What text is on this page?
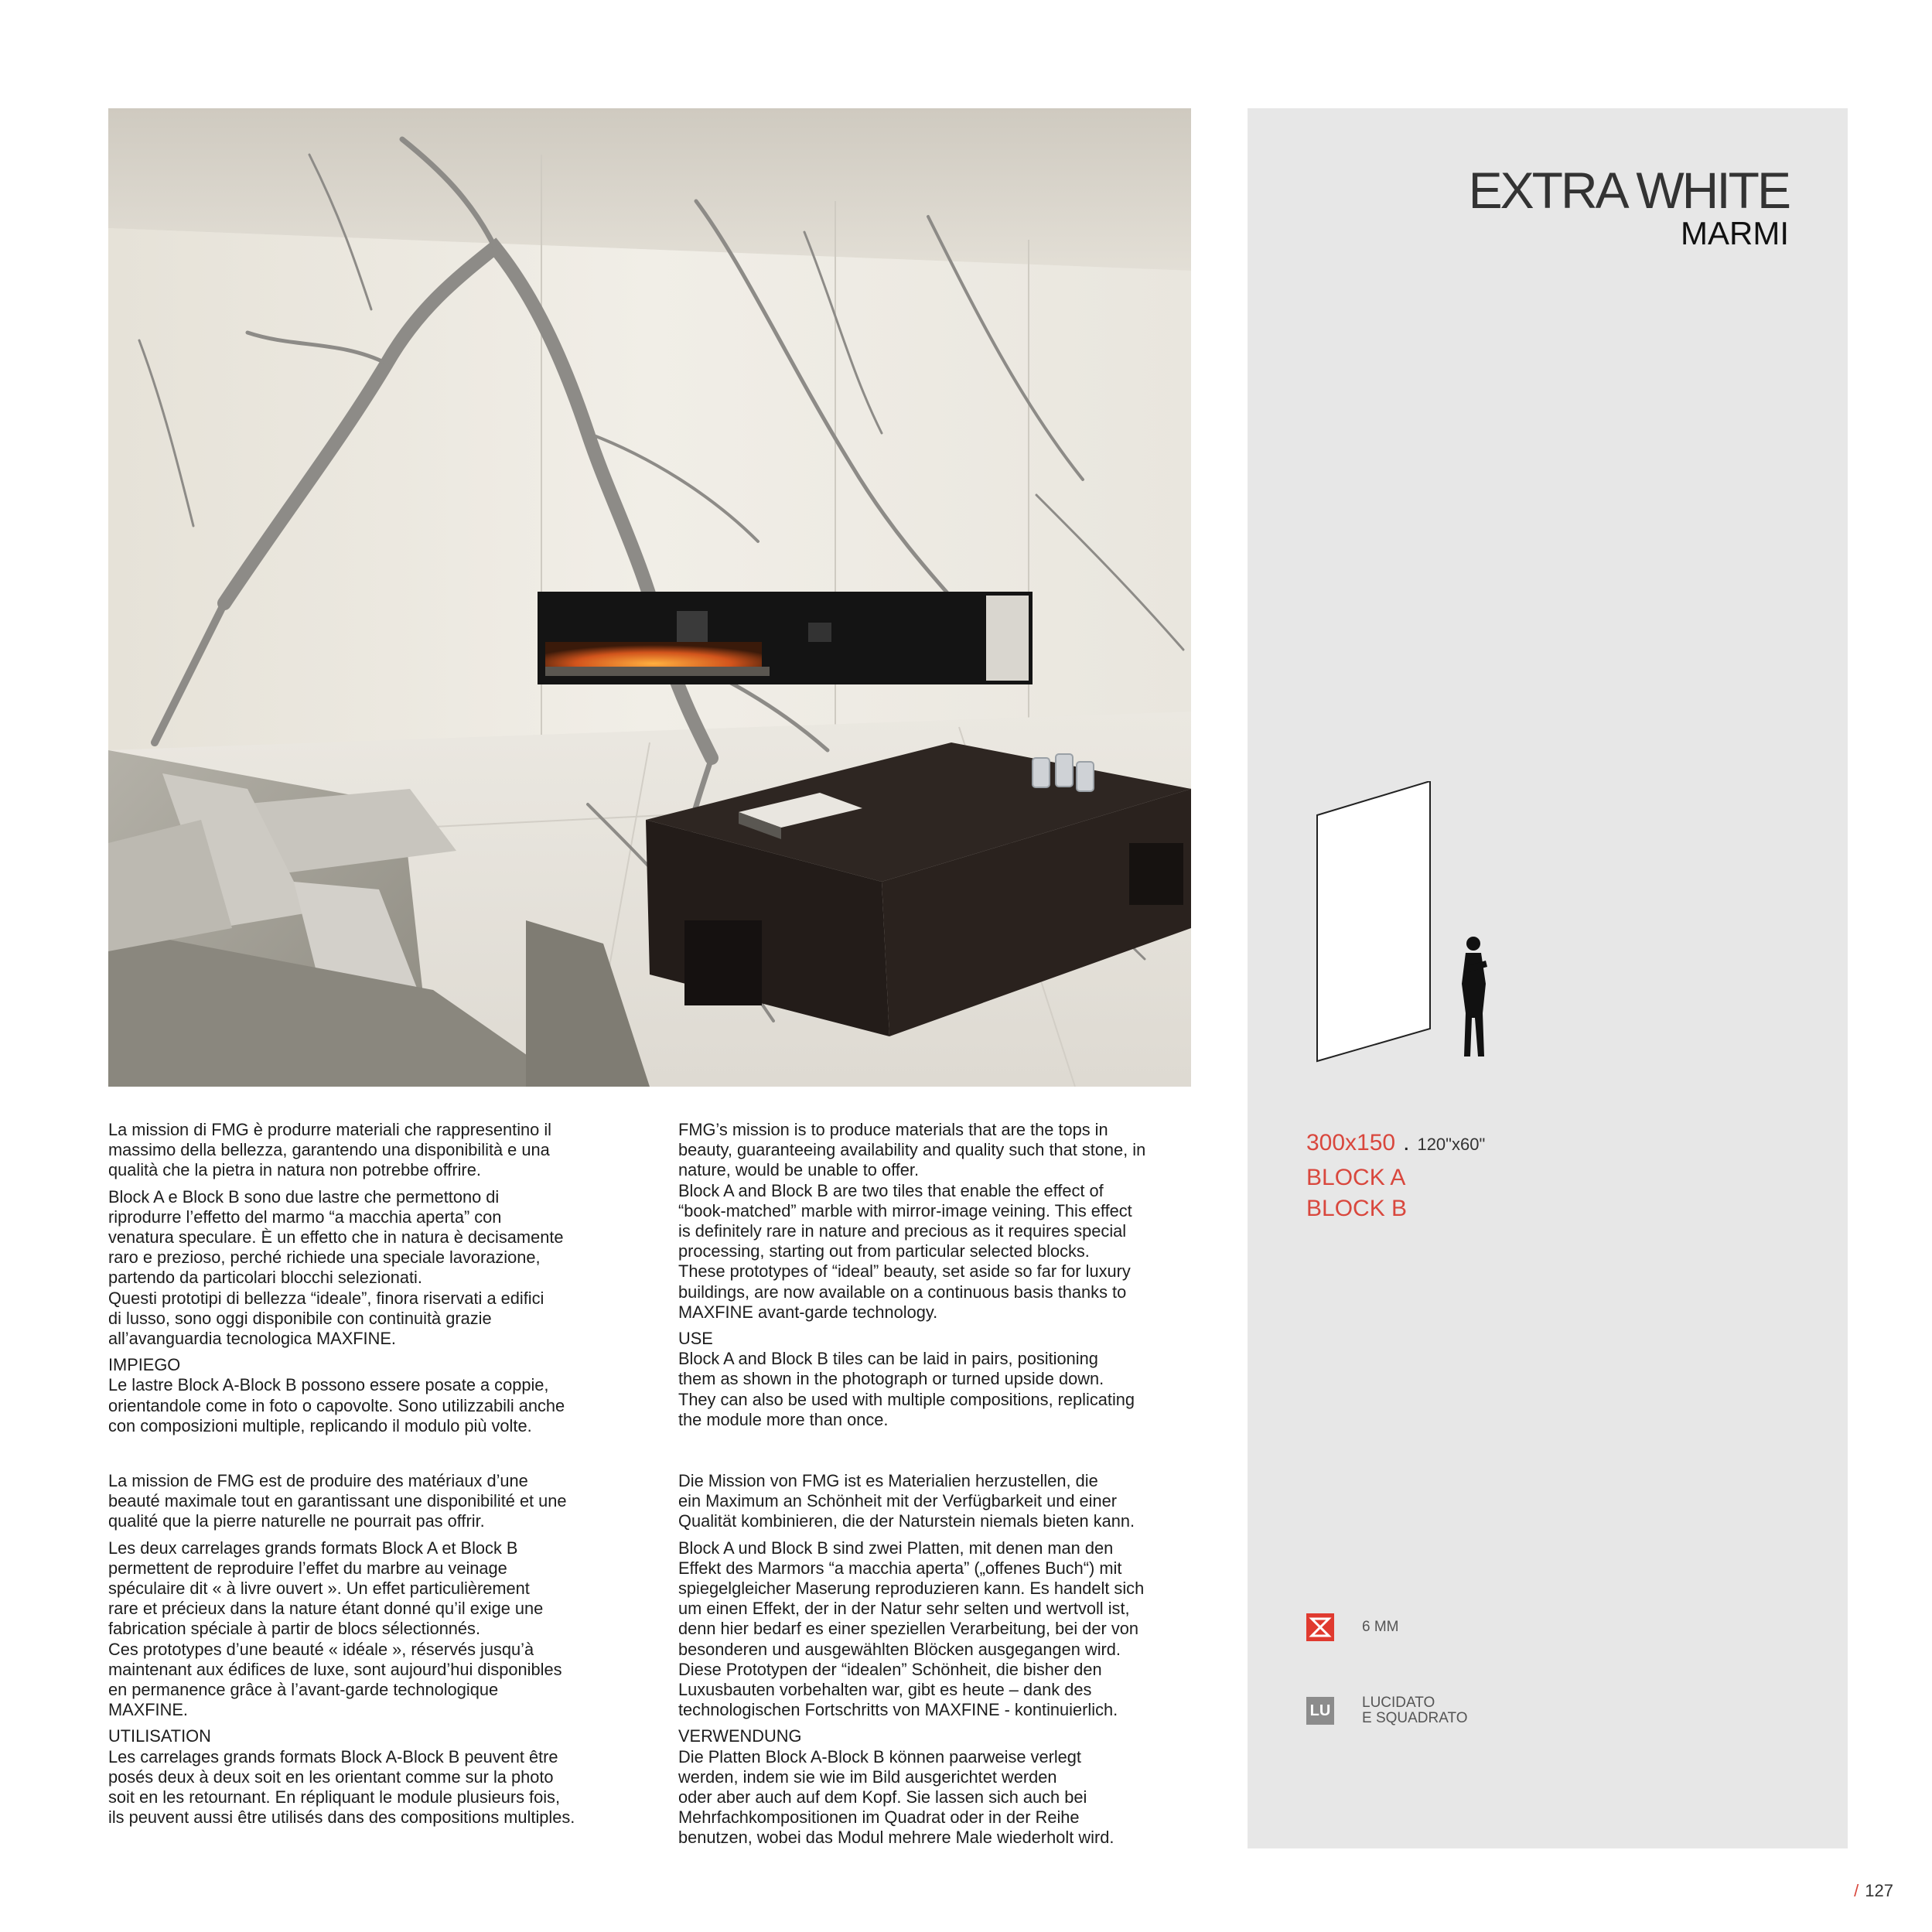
EXTRA WHITE
MARMI
300x150 . 120"x60"
BLOCK A
BLOCK B
6 MM
LU LUCIDATO
E SQUADRATO

La mission di FMG è produrre materiali che rappresentino il
massimo della bellezza, garantendo una disponibilità e una
qualità che la pietra in natura non potrebbe offrire.

Block A e Block B sono due lastre che permettono di
riprodurre l’effetto del marmo “a macchia aperta” con
venatura speculare. È un effetto che in natura è decisamente
raro e prezioso, perché richiede una speciale lavorazione,
partendo da particolari blocchi selezionati.
Questi prototipi di bellezza “ideale”, finora riservati a edifici
di lusso, sono oggi disponibile con continuità grazie
all’avanguardia tecnologica MAXFINE.

IMPIEGO

Le lastre Block A-Block B possono essere posate a coppie,
orientandole come in foto o capovolte. Sono utilizzabili anche
con composizioni multiple, replicando il modulo più volte.

FMG’s mission is to produce materials that are the tops in
beauty, guaranteeing availability and quality such that stone, in
nature, would be unable to offer.
Block A and Block B are two tiles that enable the effect of
“book-matched” marble with mirror-image veining. This effect
is definitely rare in nature and precious as it requires special
processing, starting out from particular selected blocks.
These prototypes of “ideal” beauty, set aside so far for luxury
buildings, are now available on a continuous basis thanks to
MAXFINE avant-garde technology.

USE

Block A and Block B tiles can be laid in pairs, positioning
them as shown in the photograph or turned upside down.
They can also be used with multiple compositions, replicating
the module more than once.

La mission de FMG est de produire des matériaux d’une
beauté maximale tout en garantissant une disponibilité et une
qualité que la pierre naturelle ne pourrait pas offrir.

Les deux carrelages grands formats Block A et Block B
permettent de reproduire l’effet du marbre au veinage
spéculaire dit « à livre ouvert ». Un effet particulièrement
rare et précieux dans la nature étant donné qu’il exige une
fabrication spéciale à partir de blocs sélectionnés.
Ces prototypes d’une beauté « idéale », réservés jusqu’à
maintenant aux édifices de luxe, sont aujourd’hui disponibles
en permanence grâce à l’avant-garde technologique
MAXFINE.

UTILISATION

Les carrelages grands formats Block A-Block B peuvent être
posés deux à deux soit en les orientant comme sur la photo
soit en les retournant. En répliquant le module plusieurs fois,
ils peuvent aussi être utilisés dans des compositions multiples.

Die Mission von FMG ist es Materialien herzustellen, die
ein Maximum an Schönheit mit der Verfügbarkeit und einer
Qualität kombinieren, die der Naturstein niemals bieten kann.

Block A und Block B sind zwei Platten, mit denen man den
Effekt des Marmors “a macchia aperta” („offenes Buch“) mit
spiegelgleicher Maserung reproduzieren kann. Es handelt sich
um einen Effekt, der in der Natur sehr selten und wertvoll ist,
denn hier bedarf es einer speziellen Verarbeitung, bei der von
besonderen und ausgewählten Blöcken ausgegangen wird.
Diese Prototypen der “idealen” Schönheit, die bisher den
Luxusbauten vorbehalten war, gibt es heute – dank des
technologischen Fortschritts von MAXFINE - kontinuierlich.

VERWENDUNG

Die Platten Block A-Block B können paarweise verlegt
werden, indem sie wie im Bild ausgerichtet werden
oder aber auch auf dem Kopf. Sie lassen sich auch bei
Mehrfachkompositionen im Quadrat oder in der Reihe
benutzen, wobei das Modul mehrere Male wiederholt wird.

/ 127
